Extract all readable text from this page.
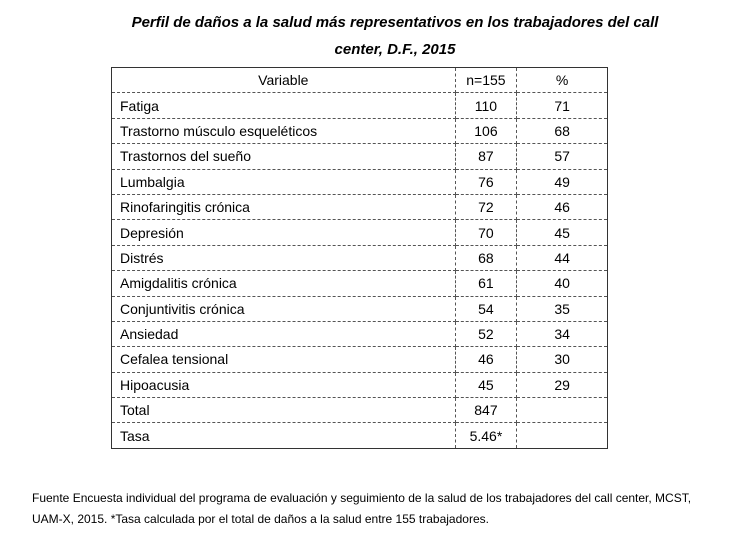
Perfil de daños a la salud más representativos en los trabajadores del call
center, D.F., 2015
Variable	n=155	%
Fatiga	110	71
Trastorno músculo esqueléticos	106	68
Trastornos del sueño	87	57
Lumbalgia	76	49
Rinofaringitis crónica	72	46
Depresión	70	45
Distrés	68	44
Amigdalitis crónica	61	40
Conjuntivitis crónica	54	35
Ansiedad	52	34
Cefalea tensional	46	30
Hipoacusia	45	29
Total	847	
Tasa	5.46*	

Fuente Encuesta individual del programa de evaluación y seguimiento de la salud de los trabajadores del call center, MCST, UAM-X, 2015. *Tasa calculada por el total de daños a la salud entre 155 trabajadores.
